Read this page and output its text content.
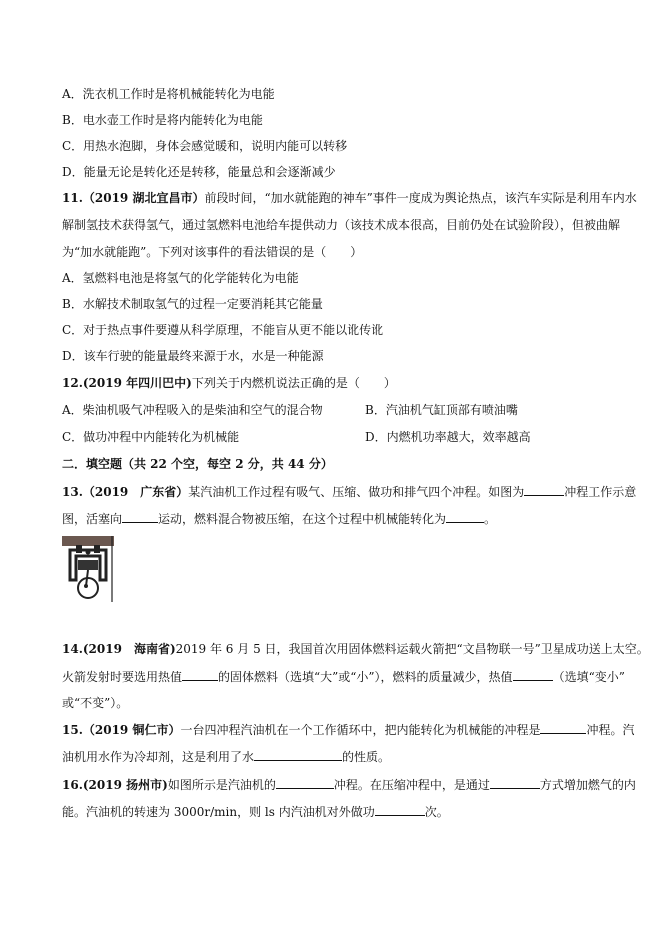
A．洗衣机工作时是将机械能转化为电能
B．电水壶工作时是将内能转化为电能
C．用热水泡脚，身体会感觉暖和，说明内能可以转移
D．能量无论是转化还是转移，能量总和会逐渐减少
11.（2019 湖北宜昌市）前段时间，“加水就能跑的神车”事件一度成为舆论热点，该汽车实际是利用车内水
解制氢技术获得氢气，通过氢燃料电池给车提供动力（该技术成本很高，目前仍处在试验阶段），但被曲解
为“加水就能跑”。下列对该事件的看法错误的是（　　）
A．氢燃料电池是将氢气的化学能转化为电能
B．水解技术制取氢气的过程一定要消耗其它能量
C．对于热点事件要遵从科学原理，不能盲从更不能以讹传讹
D．该车行驶的能量最终来源于水，水是一种能源
12.(2019 年四川巴中)下列关于内燃机说法正确的是（　　）
A．柴油机吸气冲程吸入的是柴油和空气的混合物	B．汽油机气缸顶部有喷油嘴
C．做功冲程中内能转化为机械能	D．内燃机功率越大，效率越高
二．填空题（共 22 个空，每空 2 分，共 44 分）
13.（2019　广东省）某汽油机工作过程有吸气、压缩、做功和排气四个冲程。如图为	冲程工作示意
图，活塞向	运动，燃料混合物被压缩，在这个过程中机械能转化为	。
14.(2019　海南省)2019 年 6 月 5 日，我国首次用固体燃料运载火箭把“文昌物联一号”卫星成功送上太空。
火箭发射时要选用热值	的固体燃料（选填“大”或“小”），燃料的质量减少，热值	（选填“变小”
或“不变”）。
15.（2019 铜仁市）一台四冲程汽油机在一个工作循环中，把内能转化为机械能的冲程是	冲程。汽
油机用水作为冷却剂，这是利用了水	的性质。
16.(2019 扬州市)如图所示是汽油机的	冲程。在压缩冲程中，是通过	方式增加燃气的内
能。汽油机的转速为 3000r/min，则 ls 内汽油机对外做功	次。
